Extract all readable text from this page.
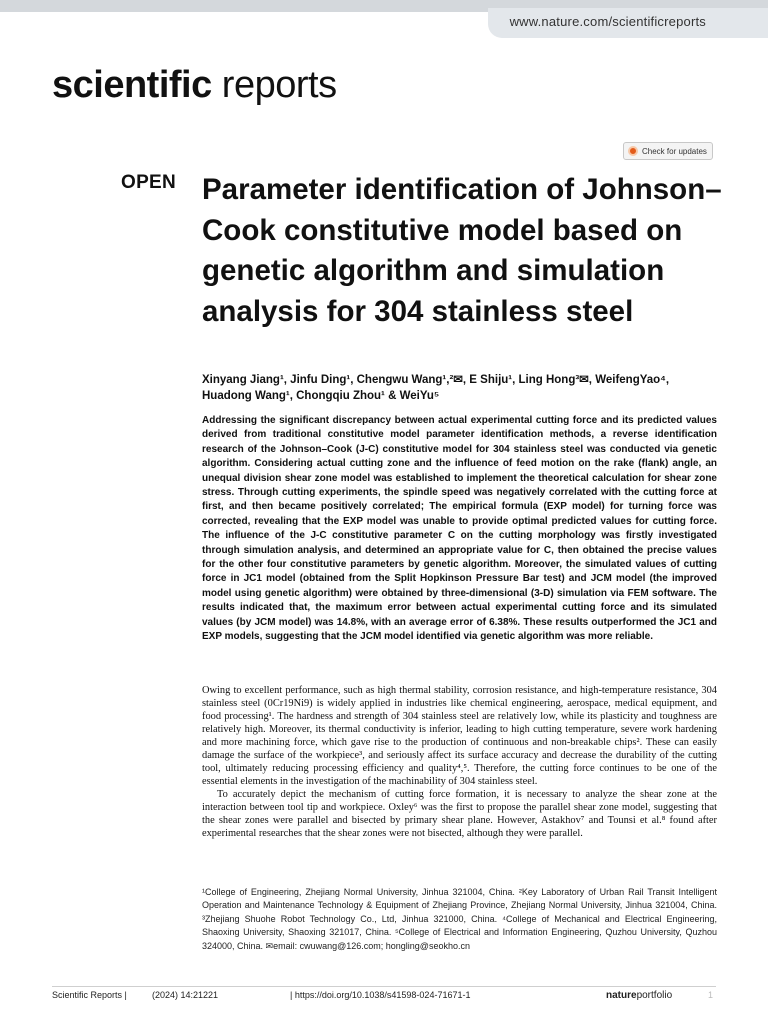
www.nature.com/scientificreports
scientific reports
Check for updates
OPEN Parameter identification of Johnson–Cook constitutive model based on genetic algorithm and simulation analysis for 304 stainless steel
Xinyang Jiang¹, Jinfu Ding¹, Chengwu Wang¹,²✉, E Shiju¹, Ling Hong³✉, WeifengYao⁴, Huadong Wang¹, Chongqiu Zhou¹ & WeiYu⁵

Addressing the significant discrepancy between actual experimental cutting force and its predicted values derived from traditional constitutive model parameter identification methods, a reverse identification research of the Johnson–Cook (J-C) constitutive model for 304 stainless steel was conducted via genetic algorithm. Considering actual cutting zone and the influence of feed motion on the rake (flank) angle, an unequal division shear zone model was established to implement the theoretical calculation for shear zone stress. Through cutting experiments, the spindle speed was negatively correlated with the cutting force at first, and then became positively correlated; The empirical formula (EXP model) for turning force was corrected, revealing that the EXP model was unable to provide optimal predicted values for cutting force. The influence of the J-C constitutive parameter C on the cutting morphology was firstly investigated through simulation analysis, and determined an appropriate value for C, then obtained the precise values for the other four constitutive parameters by genetic algorithm. Moreover, the simulated values of cutting force in JC1 model (obtained from the Split Hopkinson Pressure Bar test) and JCM model (the improved model using genetic algorithm) were obtained by three-dimensional (3-D) simulation via FEM software. The results indicated that, the maximum error between actual experimental cutting force and its simulated values (by JCM model) was 14.8%, with an average error of 6.38%. These results outperformed the JC1 and EXP models, suggesting that the JCM model identified via genetic algorithm was more reliable.

Owing to excellent performance, such as high thermal stability, corrosion resistance, and high-temperature resistance, 304 stainless steel (0Cr19Ni9) is widely applied in industries like chemical engineering, aerospace, medical equipment, and food processing¹. The hardness and strength of 304 stainless steel are relatively low, while its plasticity and toughness are relatively high. Moreover, its thermal conductivity is inferior, leading to high cutting temperature, severe work hardening and more machining force, which gave rise to the production of continuous and non-breakable chips². These can easily damage the surface of the workpiece³, and seriously affect its surface accuracy and decrease the durability of the cutting tool, ultimately reducing processing efficiency and quality⁴,⁵. Therefore, the cutting force continues to be one of the essential elements in the investigation of the machinability of 304 stainless steel.

To accurately depict the mechanism of cutting force formation, it is necessary to analyze the shear zone at the interaction between tool tip and workpiece. Oxley⁶ was the first to propose the parallel shear zone model, suggesting that the shear zones were parallel and bisected by primary shear plane. However, Astakhov⁷ and Tounsi et al.⁸ found after experimental researches that the shear zones were not bisected, although they were parallel.

¹College of Engineering, Zhejiang Normal University, Jinhua 321004, China. ²Key Laboratory of Urban Rail Transit Intelligent Operation and Maintenance Technology & Equipment of Zhejiang Province, Zhejiang Normal University, Jinhua 321004, China. ³Zhejiang Shuohe Robot Technology Co., Ltd, Jinhua 321000, China. ⁴College of Mechanical and Electrical Engineering, Shaoxing University, Shaoxing 321017, China. ⁵College of Electrical and Information Engineering, Quzhou University, Quzhou 324000, China. ✉email: cwuwang@126.com; hongling@seokho.cn

Scientific Reports |	(2024) 14:21221	| https://doi.org/10.1038/s41598-024-71671-1	natureportfolio	1
